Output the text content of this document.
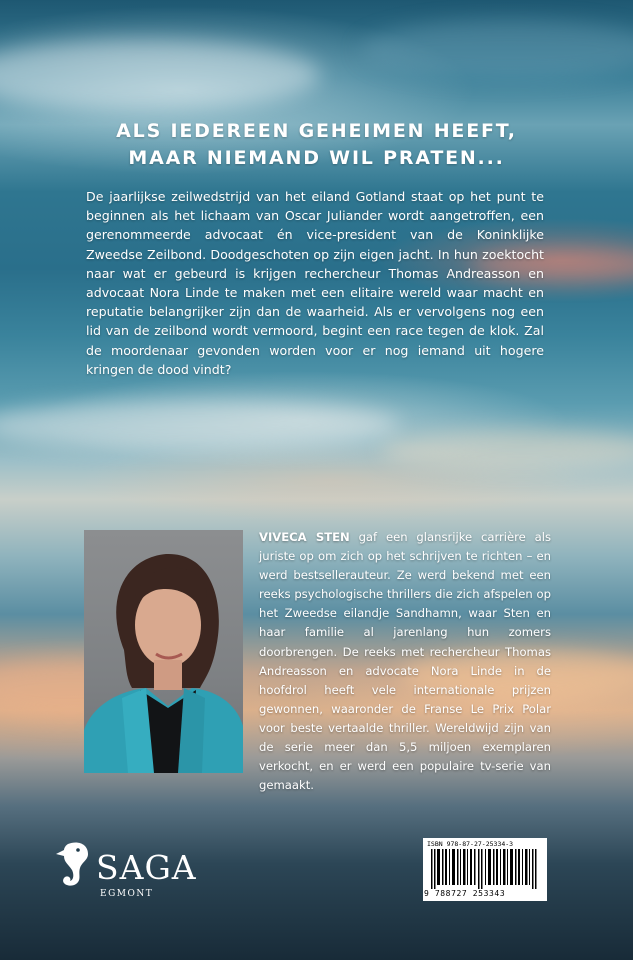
ALS IEDEREEN GEHEIMEN HEEFT,
MAAR NIEMAND WIL PRATEN...

De jaarlijkse zeilwedstrijd van het eiland Gotland staat op het punt te beginnen als het lichaam van Oscar Juliander wordt aangetroffen, een gerenommeerde advocaat én vice-president van de Koninklijke Zweedse Zeilbond. Doodgeschoten op zijn eigen jacht. In hun zoektocht naar wat er gebeurd is krijgen rechercheur Thomas Andreasson en advocaat Nora Linde te maken met een elitaire wereld waar macht en reputatie belangrijker zijn dan de waarheid. Als er vervolgens nog een lid van de zeilbond wordt vermoord, begint een race tegen de klok. Zal de moordenaar gevonden worden voor er nog iemand uit hogere kringen de dood vindt?

VIVECA STEN gaf een glansrijke carrière als juriste op om zich op het schrijven te richten – en werd bestsellerauteur. Ze werd bekend met een reeks psychologische thrillers die zich afspelen op het Zweedse eilandje Sandhamn, waar Sten en haar familie al jarenlang hun zomers doorbrengen. De reeks met rechercheur Thomas Andreasson en advocate Nora Linde in de hoofdrol heeft vele internationale prijzen gewonnen, waaronder de Franse Le Prix Polar voor beste vertaalde thriller. Wereldwijd zijn van de serie meer dan 5,5 miljoen exemplaren verkocht, en er werd een populaire tv-serie van gemaakt.

SAGA
EGMONT
ISBN 978-87-27-25334-3
9 788727 253343
